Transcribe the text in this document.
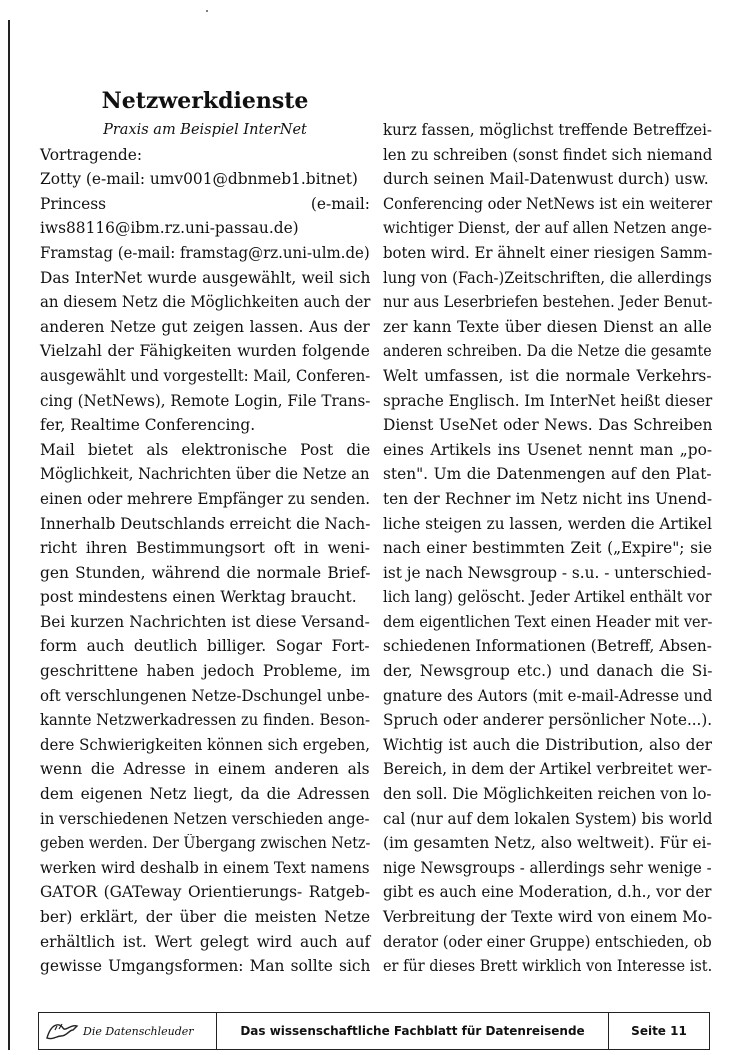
Netzwerkdienste
Praxis am Beispiel InterNet
Vortragende:
Zotty (e-mail: umv001@dbnmeb1.bitnet)
Princess	(e-mail:
iws88116@ibm.rz.uni-passau.de)
Framstag (e-mail: framstag@rz.uni-ulm.de)
Das InterNet wurde ausgewählt, weil sich
an diesem Netz die Möglichkeiten auch der
anderen Netze gut zeigen lassen. Aus der
Vielzahl der Fähigkeiten wurden folgende
ausgewählt und vorgestellt: Mail, Conferen-
cing (NetNews), Remote Login, File Trans-
fer, Realtime Conferencing.
Mail bietet als elektronische Post die
Möglichkeit, Nachrichten über die Netze an
einen oder mehrere Empfänger zu senden.
Innerhalb Deutschlands erreicht die Nach-
richt ihren Bestimmungsort oft in weni-
gen Stunden, während die normale Brief-
post mindestens einen Werktag braucht.
Bei kurzen Nachrichten ist diese Versand-
form auch deutlich billiger. Sogar Fort-
geschrittene haben jedoch Probleme, im
oft verschlungenen Netze-Dschungel unbe-
kannte Netzwerkadressen zu finden. Beson-
dere Schwierigkeiten können sich ergeben,
wenn die Adresse in einem anderen als
dem eigenen Netz liegt, da die Adressen
in verschiedenen Netzen verschieden ange-
geben werden. Der Übergang zwischen Netz-
werken wird deshalb in einem Text namens
GATOR (GATeway Orientierungs- Ratgeb-
ber) erklärt, der über die meisten Netze
erhältlich ist. Wert gelegt wird auch auf
gewisse Umgangsformen: Man sollte sich
kurz fassen, möglichst treffende Betreffzei-
len zu schreiben (sonst findet sich niemand
durch seinen Mail-Datenwust durch) usw.
Conferencing oder NetNews ist ein weiterer
wichtiger Dienst, der auf allen Netzen ange-
boten wird. Er ähnelt einer riesigen Samm-
lung von (Fach-)Zeitschriften, die allerdings
nur aus Leserbriefen bestehen. Jeder Benut-
zer kann Texte über diesen Dienst an alle
anderen schreiben. Da die Netze die gesamte
Welt umfassen, ist die normale Verkehrs-
sprache Englisch. Im InterNet heißt dieser
Dienst UseNet oder News. Das Schreiben
eines Artikels ins Usenet nennt man „po-
sten". Um die Datenmengen auf den Plat-
ten der Rechner im Netz nicht ins Unend-
liche steigen zu lassen, werden die Artikel
nach einer bestimmten Zeit („Expire"; sie
ist je nach Newsgroup - s.u. - unterschied-
lich lang) gelöscht. Jeder Artikel enthält vor
dem eigentlichen Text einen Header mit ver-
schiedenen Informationen (Betreff, Absen-
der, Newsgroup etc.) und danach die Si-
gnature des Autors (mit e-mail-Adresse und
Spruch oder anderer persönlicher Note...).
Wichtig ist auch die Distribution, also der
Bereich, in dem der Artikel verbreitet wer-
den soll. Die Möglichkeiten reichen von lo-
cal (nur auf dem lokalen System) bis world
(im gesamten Netz, also weltweit). Für ei-
nige Newsgroups - allerdings sehr wenige -
gibt es auch eine Moderation, d.h., vor der
Verbreitung der Texte wird von einem Mo-
derator (oder einer Gruppe) entschieden, ob
er für dieses Brett wirklich von Interesse ist.
Die Datenschleuder	Das wissenschaftliche Fachblatt für Datenreisende	Seite 11
